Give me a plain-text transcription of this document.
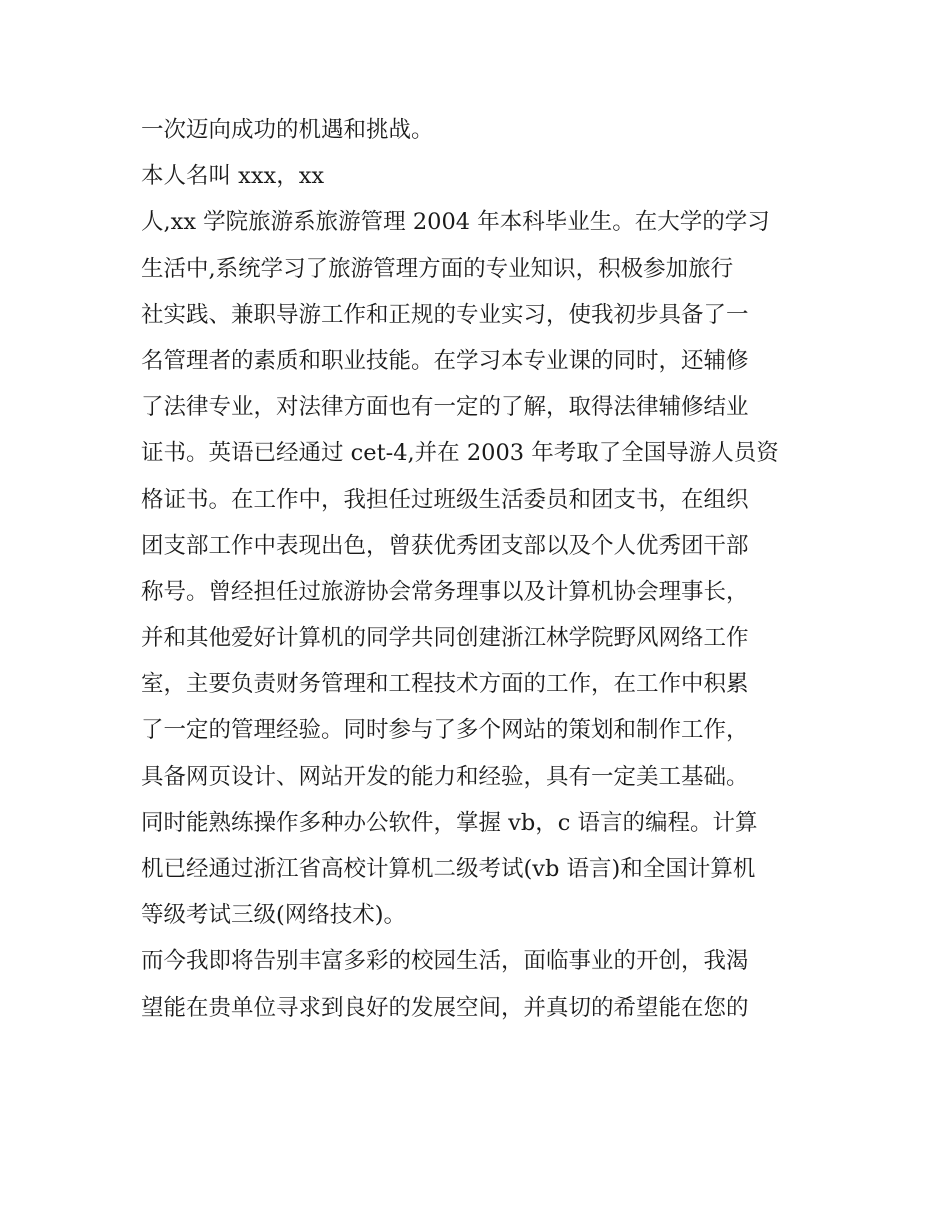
一次迈向成功的机遇和挑战。
本人名叫 xxx，xx
人,xx 学院旅游系旅游管理 2004 年本科毕业生。在大学的学习
生活中,系统学习了旅游管理方面的专业知识，积极参加旅行
社实践、兼职导游工作和正规的专业实习，使我初步具备了一
名管理者的素质和职业技能。在学习本专业课的同时，还辅修
了法律专业，对法律方面也有一定的了解，取得法律辅修结业
证书。英语已经通过 cet-4,并在 2003 年考取了全国导游人员资
格证书。在工作中，我担任过班级生活委员和团支书，在组织
团支部工作中表现出色，曾获优秀团支部以及个人优秀团干部
称号。曾经担任过旅游协会常务理事以及计算机协会理事长，
并和其他爱好计算机的同学共同创建浙江林学院野风网络工作
室，主要负责财务管理和工程技术方面的工作，在工作中积累
了一定的管理经验。同时参与了多个网站的策划和制作工作，
具备网页设计、网站开发的能力和经验，具有一定美工基础。
同时能熟练操作多种办公软件，掌握 vb，c 语言的编程。计算
机已经通过浙江省高校计算机二级考试(vb 语言)和全国计算机
等级考试三级(网络技术)。
而今我即将告别丰富多彩的校园生活，面临事业的开创，我渴
望能在贵单位寻求到良好的发展空间，并真切的希望能在您的
